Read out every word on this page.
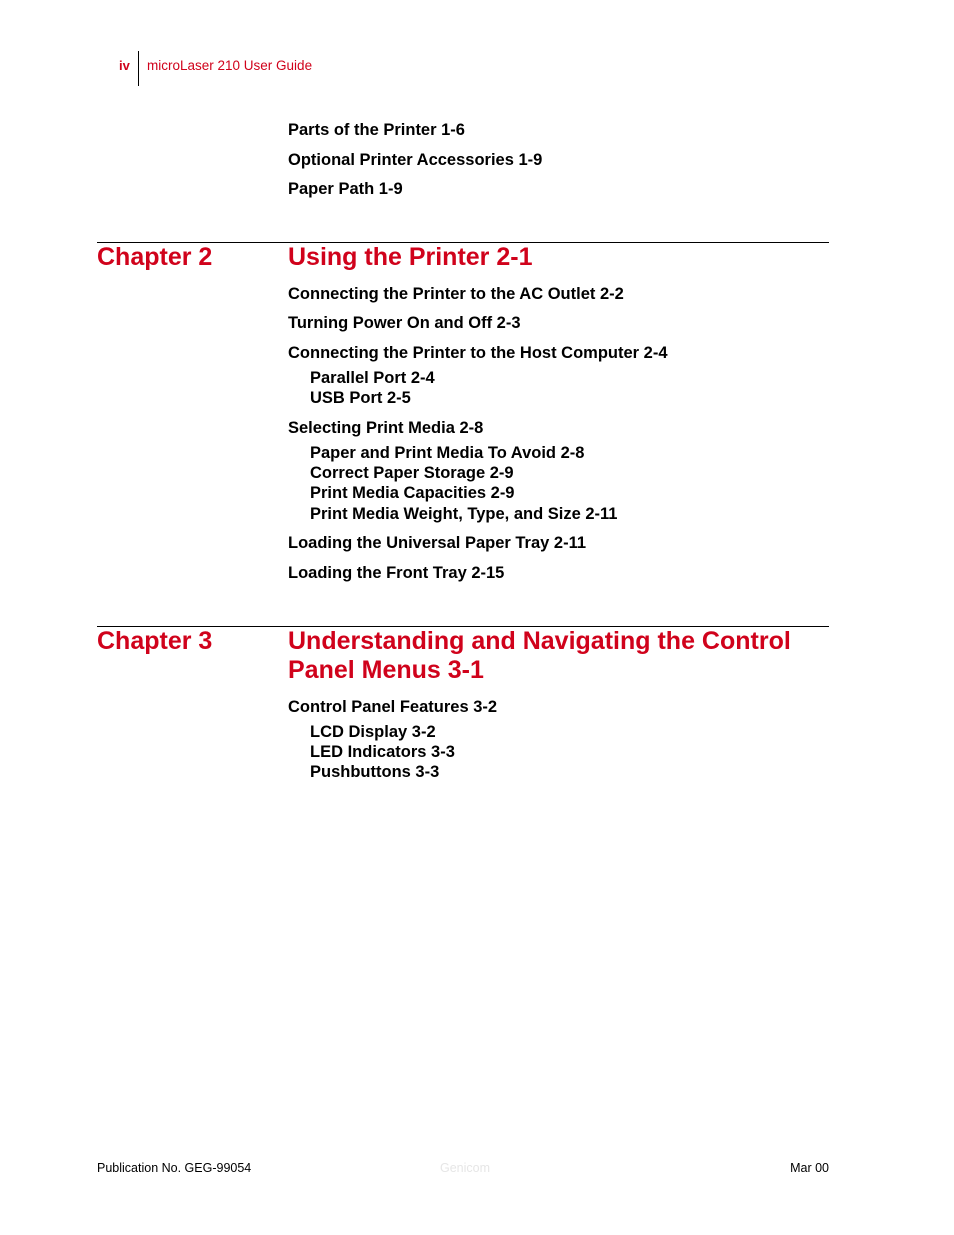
iv microLaser 210 User Guide
Parts of the Printer 1-6
Optional Printer Accessories 1-9
Paper Path 1-9
Chapter 2	Using the Printer 2-1
Connecting the Printer to the AC Outlet 2-2
Turning Power On and Off 2-3
Connecting the Printer to the Host Computer 2-4
Parallel Port 2-4
USB Port 2-5
Selecting Print Media 2-8
Paper and Print Media To Avoid 2-8
Correct Paper Storage 2-9
Print Media Capacities 2-9
Print Media Weight, Type, and Size 2-11
Loading the Universal Paper Tray 2-11
Loading the Front Tray 2-15
Chapter 3	Understanding and Navigating the Control
Panel Menus 3-1
Control Panel Features 3-2
LCD Display 3-2
LED Indicators 3-3
Pushbuttons 3-3
Publication No. GEG-99054	Genicom	Mar 00
